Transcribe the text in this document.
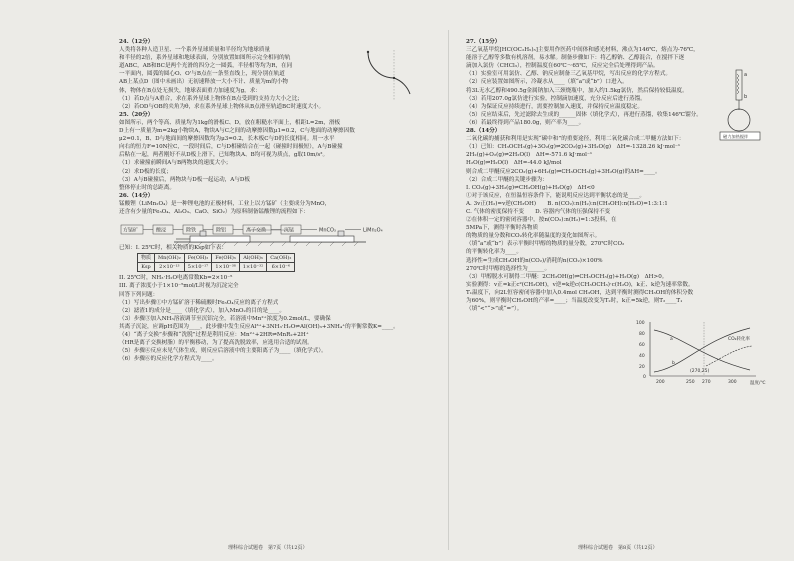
24.（12分）

人类将各种人造卫星、一个系外星球质量和半径均为地球质量

和半径的2倍，系外星球和地球表面，分别放置如图所示完全相同的轨

道ABC，AB和BC是两个光滑的四分之一圆弧，半径相等均为R，在同

一平面内，圆弧的圆心O、O'与B点在一条竖直线上，现分别在轨道

AB上某点D（图中未画出）无初速释放一大小不计、质量为m的小物

体，物体在B点处无损失，地球表面重力加速度为g，求：

（1）若D点与A重合，求在系外星球上物体在B点受到的支持力大小之比；

（2）若OD与OB的夹角为θ，求在系外星球上物体从B点滑至轨道BC时速度大小。

25.（20分）

如图所示，两个等高、质量均为1kg的滑板C、D，放在粗糙水平面上，相距L=2m，滑板

D上有一质量为m=2kg小物块A，物块A与C之间的动摩擦因数μ1=0.2，C与地面的动摩擦因数

μ2=0.1，B、D与地面间的摩擦因数均为μ3=0.2，长木板C与D的长度相同。用一水平

向右的恒力F=10N拉C，一段时间后，C与D相碰结合在一起（碰撞时间极短），A与B碰撞

后粘在一起，两者刚好不从D板上滑下，已知物块A、B均可视为质点，g取10m/s²。

（1）求碰撞前瞬间A与B两物块的速度大小；

（2）求D板的长度；

（3）A与B碰撞后，两物块与D板一起运动，A与D板

整体停止时的总距离。

26.（14分）

锰酸锂（LiMn₂O₄）是一种锂电池的正极材料，工业上以方锰矿（主要成分为MnO，

还含有少量的Fe₃O₄、Al₂O₃、CaO、SiO₂）为原料制备锰酸锂的流程如下：

方锰矿	酸浸	除铁	除铝	离子交换	沉锰	MnCO₃	LiMn₂O₄

已知：I. 25℃时，相关物质的Ksp如下表：

物质	Mn(OH)₂	Fe(OH)₂	Fe(OH)₃	Al(OH)₃	Ca(OH)₂
Ksp	2×10⁻¹³	5×10⁻¹⁷	1×10⁻³⁸	1×10⁻³²	6×10⁻⁶

II. 25℃时，NH₃·H₂O电离常数Kb=2×10⁻⁵

III. 离子浓度小于1×10⁻⁵mol/L时视为沉淀完全

回答下列问题：

（1）写出步骤①中方锰矿溶于稀硫酸时Fe₃O₄反应的离子方程式

（2）滤渣1的成分是____（填化学式），加入MnO₂的目的是____。

（3）步骤③加入NH₃溶液调节至沉铝完全，若溶液中Mn²⁺浓度为0.2mol/L，要确保

其离子沉淀，应调pH范围为____，此步骤中发生反应Al³⁺+3NH₃·H₂O⇌Al(OH)₃+3NH₄⁺的平衡常数K=____。

（4）“离子交换”步骤和“洗脱”过程是利用反应：Mn²⁺+2HR⇌MnR₂+2H⁺

（HR是离子交换树脂）的平衡移动，为了提高洗脱效率，应选用合适的试剂。

（5）步骤④反应未见气体生成，则反应后溶液中的主要阳离子为____（填化学式）。

（6）步骤⑥的反应化学方程式为____。

27.（15分）

三乙氧基甲烷[HC(OC₂H₅)₃]主要用作医药中间体和感光材料，沸点为146℃，熔点为-76℃，

能溶于乙醇等多数有机溶剂，易水解。制备步骤如下：将乙醇钠、乙醇混合，在搅拌下逐

滴加入氯仿（CHCl₃），控制温度在60℃～65℃，反应完全后处理得到产品。

（1）实验室可用氯仿、乙醇、钠反应制备三乙氧基甲烷，写出反应的化学方程式。

（2）反应装置如图所示，冷凝水从____（填“a”或“b”）口进入。

将3L无水乙醇和490.5g金属钠加入三颈烧瓶中，加入约1.5kg氯仿，然后保持较低温度。

（3）若用207.0g氯仿进行实验，控制滴加速度，充分反应后进行蒸馏。

（4）为保证反应持续进行，需要控制加入速度，并保持反应温度稳定。

（5）反应结束后，先过滤除去生成的______固体（填化学式），再进行蒸馏，收集146℃馏分。

（6）若最终得到产品180.0g，则产率为____。

28.（14分）

二氧化碳的捕获和利用是实现“碳中和”的重要途径，利用二氧化碳合成二甲醚方法如下：

（1）已知：CH₃OCH₃(g)+3O₂(g)⇌2CO₂(g)+3H₂O(g)　ΔH=-1328.26 kJ·mol⁻¹

2H₂(g)+O₂(g)⇌2H₂O(l)　ΔH=-571.6 kJ·mol⁻¹

H₂O(g)⇌H₂O(l)　ΔH=-44.0 kJ/mol

则合成二甲醚反应2CO₂(g)+6H₂(g)⇌CH₃OCH₃(g)+3H₂O(g)的ΔH=____。

（2）合成二甲醚的关键步骤为：

I. CO₂(g)+3H₂(g)⇌CH₃OH(g)+H₂O(g)　ΔH<0

①对于该反应，在恒温恒容条件下，能说明反应达到平衡状态的是____。

A. 3v正(H₂)=v逆(CH₃OH)　　B. n(CO₂):n(H₂):n(CH₃OH):n(H₂O)=1:3:1:1

C. 气体的密度保持不变　　D. 容器内气体的压强保持不变

②在体积一定的密闭容器中，按n(CO₂):n(H₂)=1:3投料，在5MPa下，测得平衡时各物质

的物质的量分数和CO₂转化率随温度的变化如图所示。

（填“a”或“b”）表示平衡时甲醇的物质的量分数，270℃时CO₂的平衡转化率为____。

选择性=生成CH₃OH的n(CO₂)/消耗的n(CO₂)×100%

270℃时甲醇的选择性为______。

（3）甲醇脱水可制得二甲醚：2CH₃OH(g)⇌CH₃OCH₃(g)+H₂O(g)　ΔH>0。

实验测得：v正=k正c²(CH₃OH)，v逆=k逆c(CH₃OCH₃)·c(H₂O)，k正、k逆为速率常数。

T₁温度下，向2L恒容密闭容器中加入0.4mol CH₃OH，达到平衡时测得CH₃OH的体积分数

为60%，则平衡时CH₃OH的产率=____；当温度改变为T₂时，k正=5k逆，则T₂____T₁

（填“<”“>”或“=”）。

a
b
磁力加热搅拌
100
80
60
40
20
0
200	250 270	300	温度/℃
CO₂转化率
a
b
(270,25)
理科综合试题卷　第7页（共12页）	理科综合试题卷　第8页（共12页）
